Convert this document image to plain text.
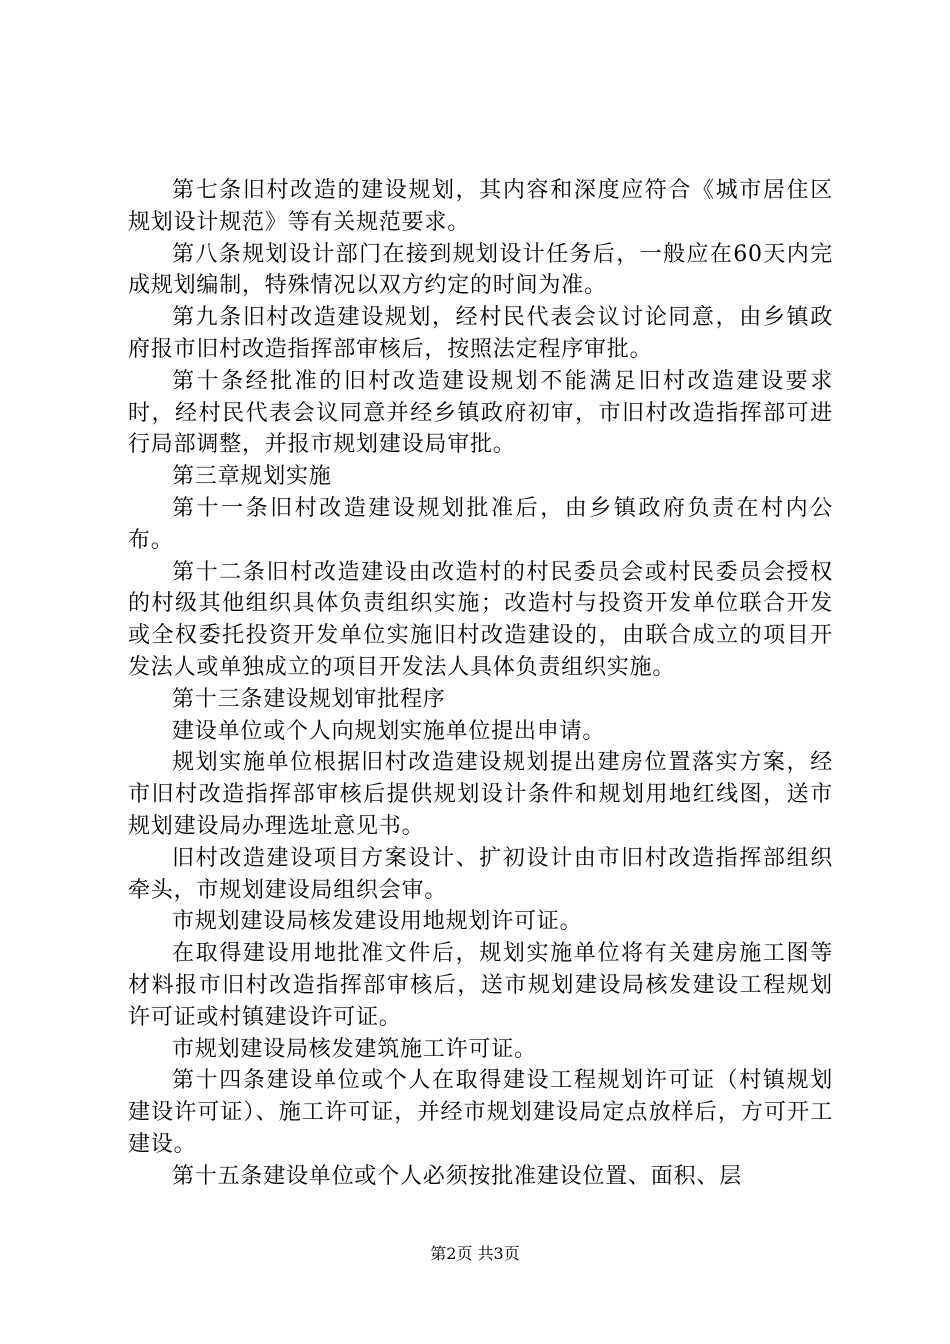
第七条旧村改造的建设规划，其内容和深度应符合《城市居住区规划设计规范》等有关规范要求。

第八条规划设计部门在接到规划设计任务后，一般应在60天内完成规划编制，特殊情况以双方约定的时间为准。

第九条旧村改造建设规划，经村民代表会议讨论同意，由乡镇政府报市旧村改造指挥部审核后，按照法定程序审批。

第十条经批准的旧村改造建设规划不能满足旧村改造建设要求时，经村民代表会议同意并经乡镇政府初审，市旧村改造指挥部可进行局部调整，并报市规划建设局审批。

第三章规划实施

第十一条旧村改造建设规划批准后，由乡镇政府负责在村内公布。

第十二条旧村改造建设由改造村的村民委员会或村民委员会授权的村级其他组织具体负责组织实施；改造村与投资开发单位联合开发或全权委托投资开发单位实施旧村改造建设的，由联合成立的项目开发法人或单独成立的项目开发法人具体负责组织实施。

第十三条建设规划审批程序

建设单位或个人向规划实施单位提出申请。

规划实施单位根据旧村改造建设规划提出建房位置落实方案，经市旧村改造指挥部审核后提供规划设计条件和规划用地红线图，送市规划建设局办理选址意见书。

旧村改造建设项目方案设计、扩初设计由市旧村改造指挥部组织牵头，市规划建设局组织会审。

市规划建设局核发建设用地规划许可证。

在取得建设用地批准文件后，规划实施单位将有关建房施工图等材料报市旧村改造指挥部审核后，送市规划建设局核发建设工程规划许可证或村镇建设许可证。

市规划建设局核发建筑施工许可证。

第十四条建设单位或个人在取得建设工程规划许可证（村镇规划建设许可证）、施工许可证，并经市规划建设局定点放样后，方可开工建设。

第十五条建设单位或个人必须按批准建设位置、面积、层

第2页 共3页
